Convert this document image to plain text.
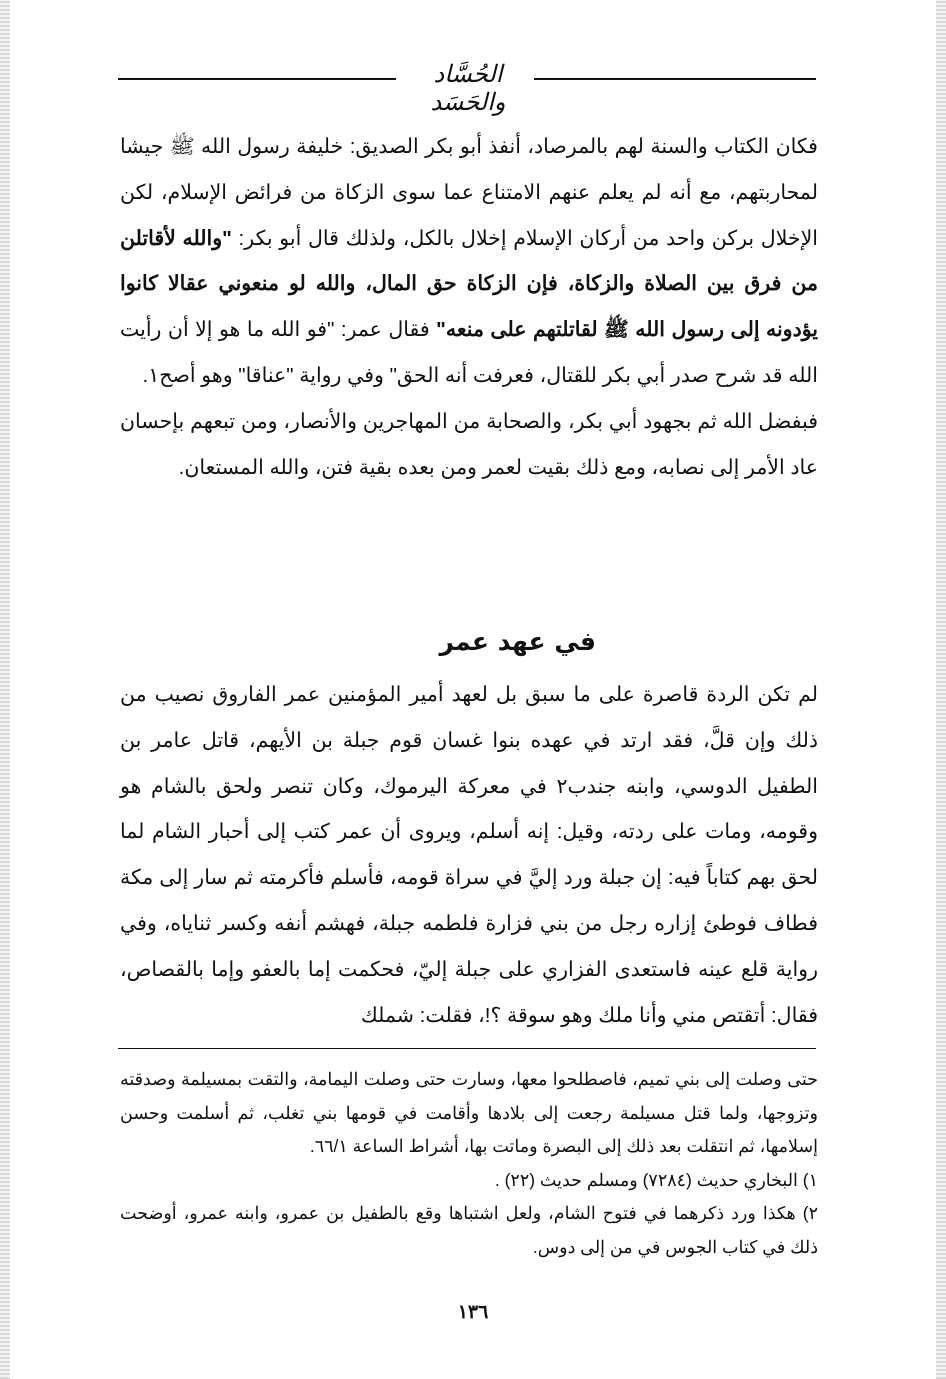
الحُسَّاد والحَسَد

فكان الكتاب والسنة لهم بالمرصاد، أنفذ أبو بكر الصديق: خليفة رسول الله ﷺ جيشا لمحاربتهم، مع أنه لم يعلم عنهم الامتناع عما سوى الزكاة من فرائض الإسلام، لكن الإخلال بركن واحد من أركان الإسلام إخلال بالكل، ولذلك قال أبو بكر: "والله لأقاتلن من فرق بين الصلاة والزكاة، فإن الزكاة حق المال، والله لو منعوني عقالا كانوا يؤدونه إلى رسول الله ﷺ لقاتلتهم على منعه" فقال عمر: "فو الله ما هو إلا أن رأيت الله قد شرح صدر أبي بكر للقتال، فعرفت أنه الحق" وفي رواية "عناقا" وهو أصح١.

فبفضل الله ثم بجهود أبي بكر، والصحابة من المهاجرين والأنصار، ومن تبعهم بإحسان عاد الأمر إلى نصابه، ومع ذلك بقيت لعمر ومن بعده بقية فتن، والله المستعان.

في عهد عمر

لم تكن الردة قاصرة على ما سبق بل لعهد أمير المؤمنين عمر الفاروق نصيب من ذلك وإن قلَّ، فقد ارتد في عهده بنوا غسان قوم جبلة بن الأيهم، قاتل عامر بن الطفيل الدوسي، وابنه جندب٢ في معركة اليرموك، وكان تنصر ولحق بالشام هو وقومه، ومات على ردته، وقيل: إنه أسلم، ويروى أن عمر كتب إلى أحبار الشام لما لحق بهم كتاباً فيه: إن جبلة ورد إليَّ في سراة قومه، فأسلم فأكرمته ثم سار إلى مكة فطاف فوطئ إزاره رجل من بني فزارة فلطمه جبلة، فهشم أنفه وكسر ثناياه، وفي رواية قلع عينه فاستعدى الفزاري على جبلة إليّ، فحكمت إما بالعفو وإما بالقصاص، فقال: أتقتص مني وأنا ملك وهو سوقة ؟!، فقلت: شملك

حتى وصلت إلى بني تميم، فاصطلحوا معها، وسارت حتى وصلت اليمامة، والتقت بمسيلمة وصدقته وتزوجها، ولما قتل مسيلمة رجعت إلى بلادها وأقامت في قومها بني تغلب، ثم أسلمت وحسن إسلامها، ثم انتقلت بعد ذلك إلى البصرة وماتت بها، أشراط الساعة ٦٦/١.

١) البخاري حديث (٧٢٨٤) ومسلم حديث (٢٢) .

٢) هكذا ورد ذكرهما في فتوح الشام، ولعل اشتباها وقع بالطفيل بن عمرو، وابنه عمرو، أوضحت ذلك في كتاب الجوس في من إلى دوس.

١٣٦
